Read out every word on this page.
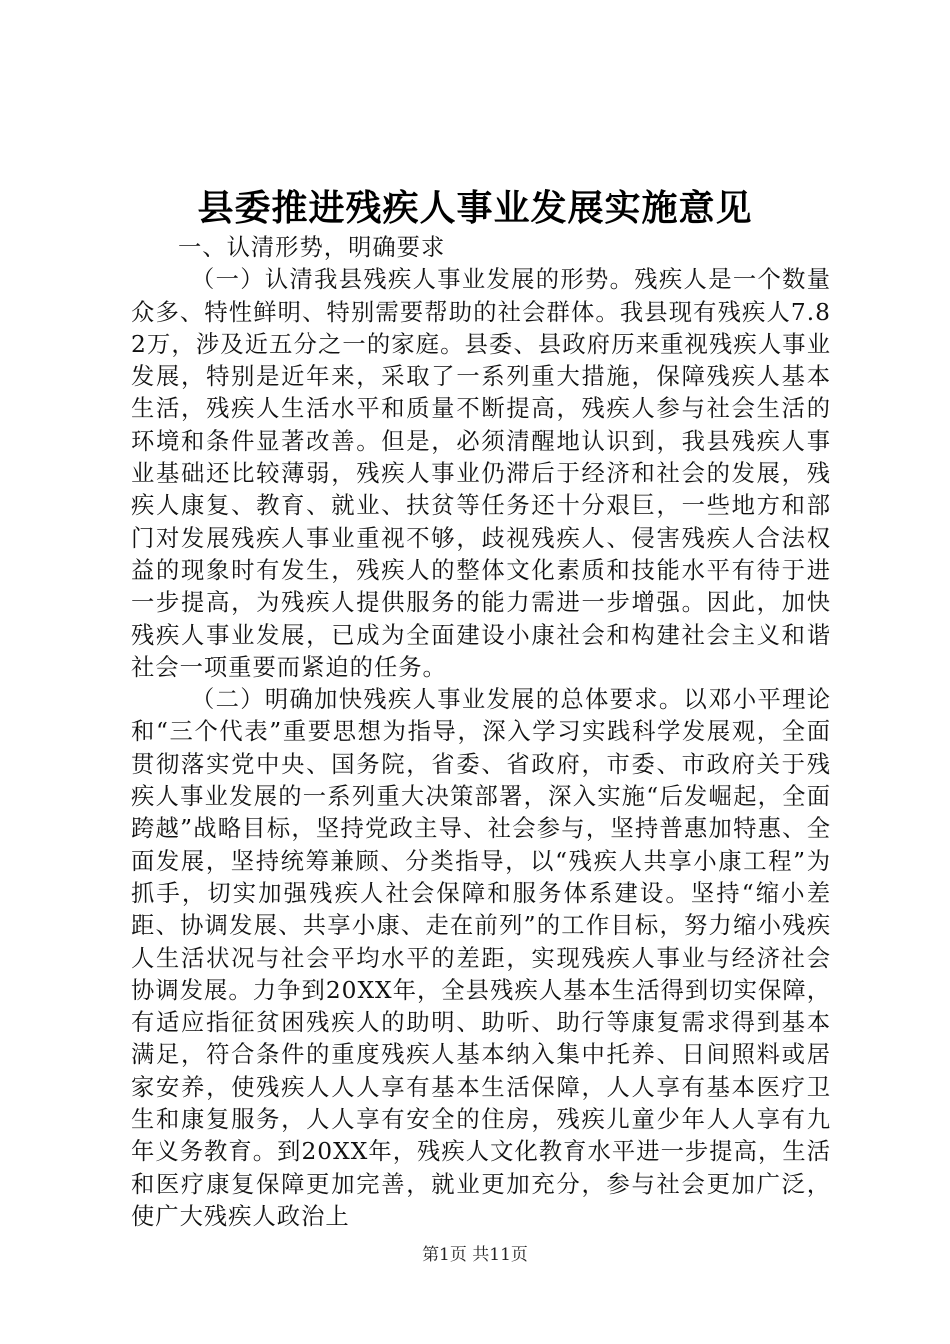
县委推进残疾人事业发展实施意见

一、认清形势，明确要求

（一）认清我县残疾人事业发展的形势。残疾人是一个数量众多、特性鲜明、特别需要帮助的社会群体。我县现有残疾人7.82万，涉及近五分之一的家庭。县委、县政府历来重视残疾人事业发展，特别是近年来，采取了一系列重大措施，保障残疾人基本生活，残疾人生活水平和质量不断提高，残疾人参与社会生活的环境和条件显著改善。但是，必须清醒地认识到，我县残疾人事业基础还比较薄弱，残疾人事业仍滞后于经济和社会的发展，残疾人康复、教育、就业、扶贫等任务还十分艰巨，一些地方和部门对发展残疾人事业重视不够，歧视残疾人、侵害残疾人合法权益的现象时有发生，残疾人的整体文化素质和技能水平有待于进一步提高，为残疾人提供服务的能力需进一步增强。因此，加快残疾人事业发展，已成为全面建设小康社会和构建社会主义和谐社会一项重要而紧迫的任务。

（二）明确加快残疾人事业发展的总体要求。以邓小平理论和“三个代表”重要思想为指导，深入学习实践科学发展观，全面贯彻落实党中央、国务院，省委、省政府，市委、市政府关于残疾人事业发展的一系列重大决策部署，深入实施“后发崛起，全面跨越”战略目标，坚持党政主导、社会参与，坚持普惠加特惠、全面发展，坚持统筹兼顾、分类指导，以“残疾人共享小康工程”为抓手，切实加强残疾人社会保障和服务体系建设。坚持“缩小差距、协调发展、共享小康、走在前列”的工作目标，努力缩小残疾人生活状况与社会平均水平的差距，实现残疾人事业与经济社会协调发展。力争到20XX年，全县残疾人基本生活得到切实保障，有适应指征贫困残疾人的助明、助听、助行等康复需求得到基本满足，符合条件的重度残疾人基本纳入集中托养、日间照料或居家安养，使残疾人人人享有基本生活保障，人人享有基本医疗卫生和康复服务，人人享有安全的住房，残疾儿童少年人人享有九年义务教育。到20XX年，残疾人文化教育水平进一步提高，生活和医疗康复保障更加完善，就业更加充分，参与社会更加广泛，使广大残疾人政治上

第1页 共11页
